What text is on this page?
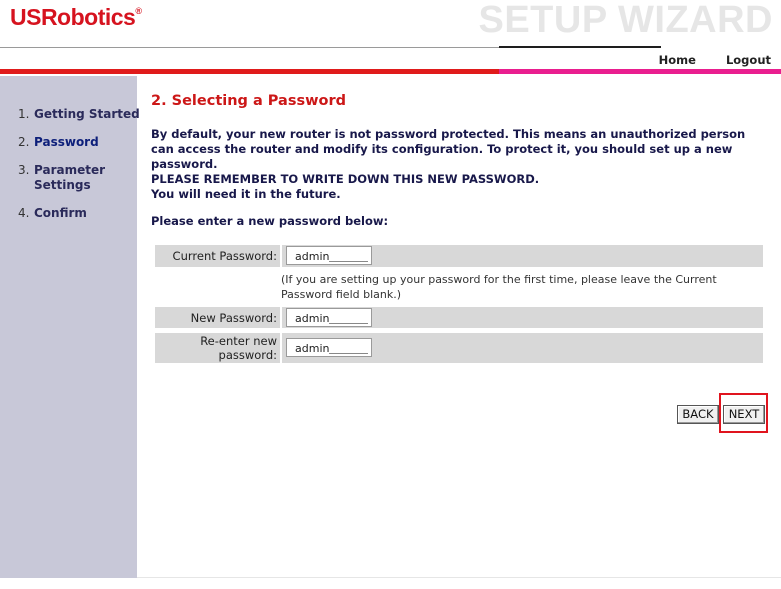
USRobotics®	SETUP WIZARD
Home	Logout
1. Getting Started
2. Password
3. Parameter Settings
4. Confirm
2. Selecting a Password
By default, your new router is not password protected. This means an unauthorized person can access the router and modify its configuration. To protect it, you should set up a new password.
PLEASE REMEMBER TO WRITE DOWN THIS NEW PASSWORD.
You will need it in the future.
Please enter a new password below:
Current Password:	admin
(If you are setting up your password for the first time, please leave the Current Password field blank.)
New Password:	admin
Re-enter new
password:	admin
BACK	NEXT
